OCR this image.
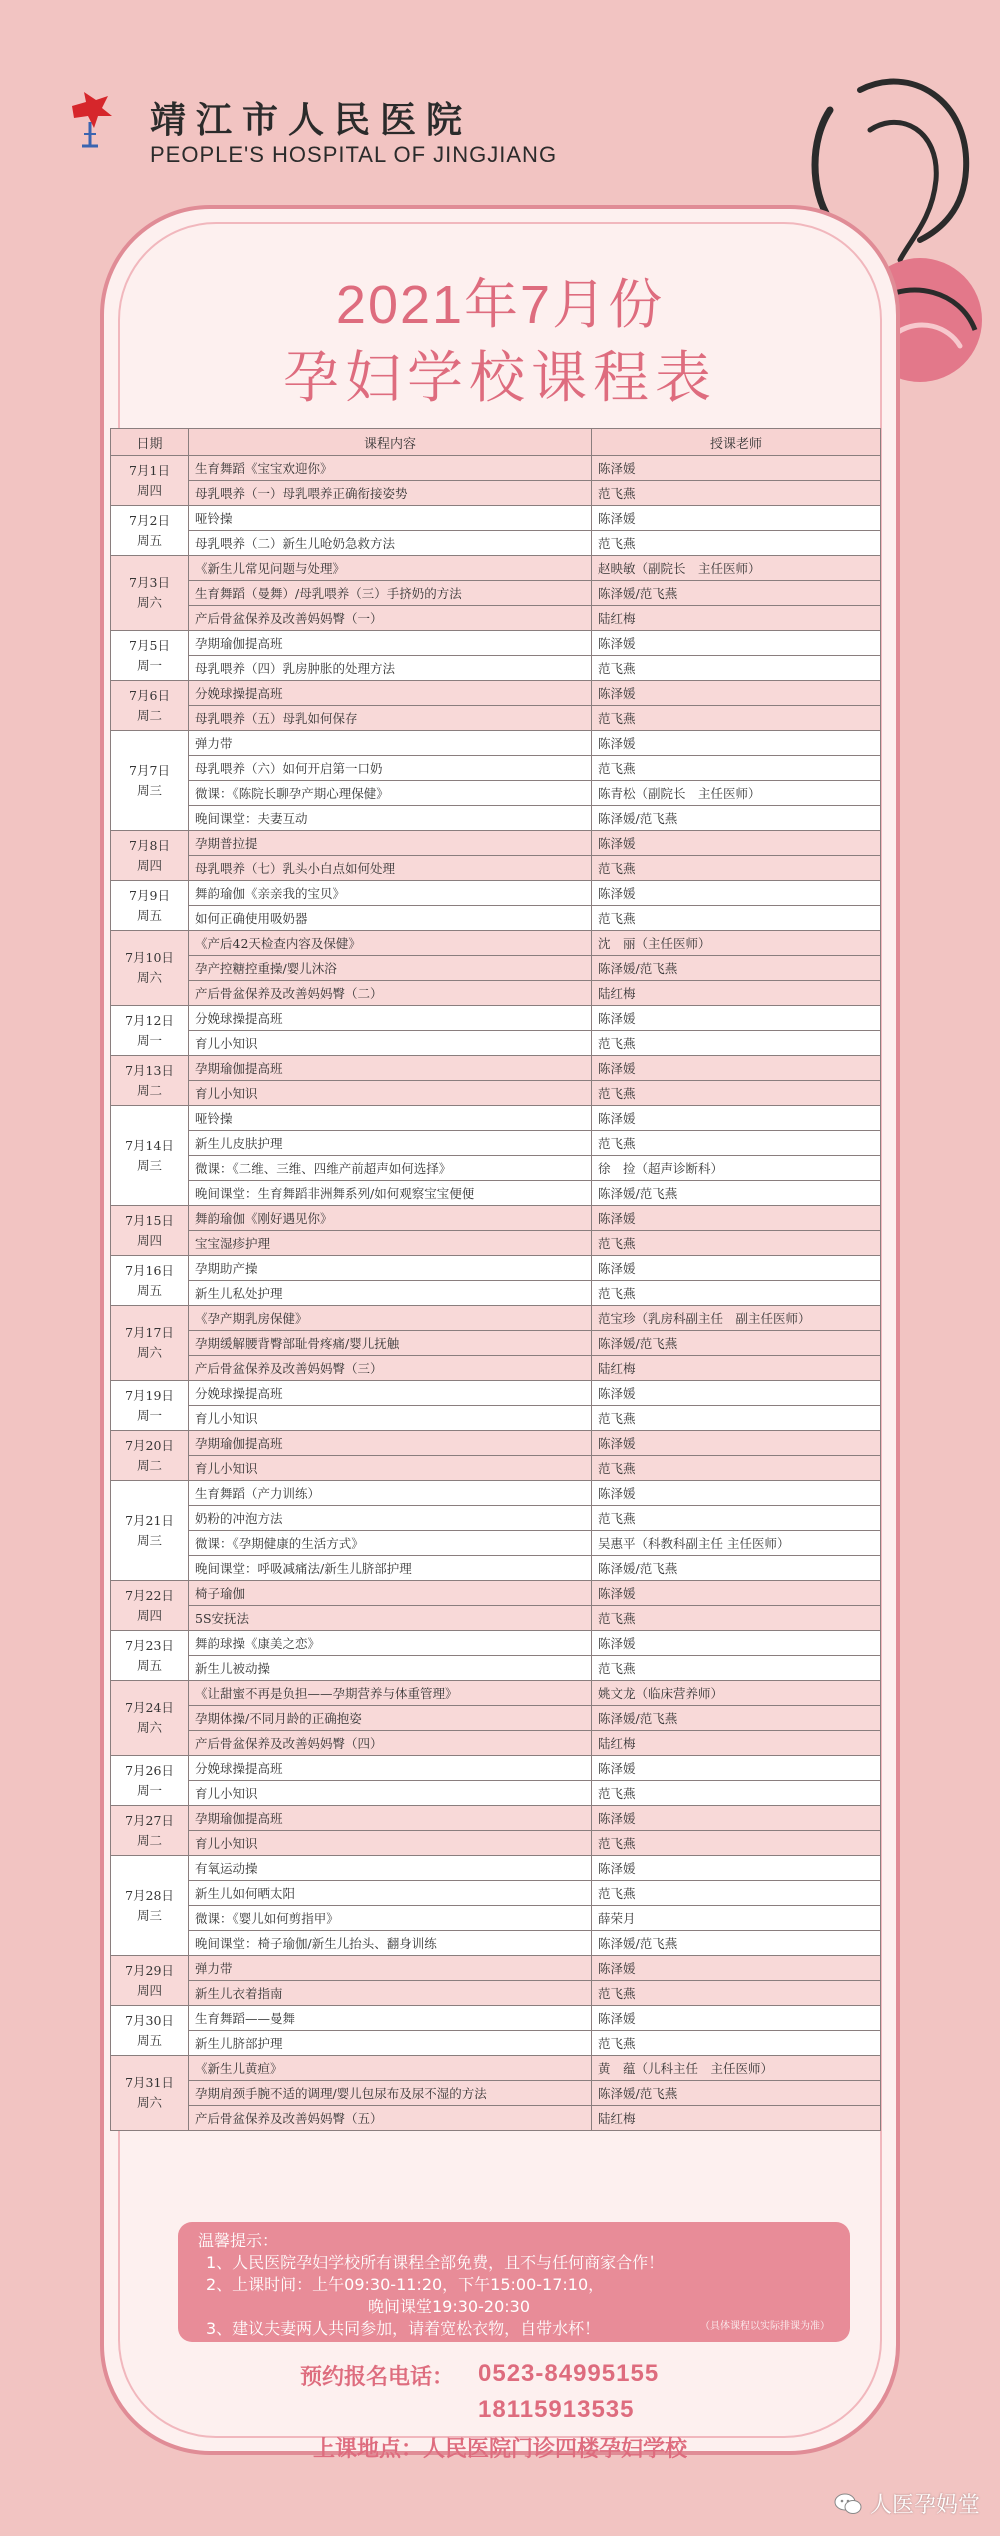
靖江市人民医院
PEOPLE'S HOSPITAL OF JINGJIANG
2021年7月份
孕妇学校课程表
日期	课程内容	授课老师

7月1日
周四	生育舞蹈《宝宝欢迎你》	陈泽媛
	母乳喂养（一）母乳喂养正确衔接姿势	范飞燕

7月2日
周五	哑铃操	陈泽媛
	母乳喂养（二）新生儿呛奶急救方法	范飞燕

7月3日
周六	《新生儿常见问题与处理》	赵映敏（副院长　主任医师）
	生育舞蹈（曼舞）/母乳喂养（三）手挤奶的方法	陈泽媛/范飞燕
	产后骨盆保养及改善妈妈臀（一）	陆红梅

7月5日
周一	孕期瑜伽提高班	陈泽媛
	母乳喂养（四）乳房肿胀的处理方法	范飞燕

7月6日
周二	分娩球操提高班	陈泽媛
	母乳喂养（五）母乳如何保存	范飞燕

7月7日
周三	弹力带	陈泽媛
	母乳喂养（六）如何开启第一口奶	范飞燕
	微课：《陈院长聊孕产期心理保健》	陈青松（副院长　主任医师）
	晚间课堂：夫妻互动	陈泽媛/范飞燕

7月8日
周四	孕期普拉提	陈泽媛
	母乳喂养（七）乳头小白点如何处理	范飞燕

7月9日
周五	舞韵瑜伽《亲亲我的宝贝》	陈泽媛
	如何正确使用吸奶器	范飞燕

7月10日
周六	《产后42天检查内容及保健》	沈　丽（主任医师）
	孕产控糖控重操/婴儿沐浴	陈泽媛/范飞燕
	产后骨盆保养及改善妈妈臀（二）	陆红梅

7月12日
周一	分娩球操提高班	陈泽媛
	育儿小知识	范飞燕

7月13日
周二	孕期瑜伽提高班	陈泽媛
	育儿小知识	范飞燕

7月14日
周三	哑铃操	陈泽媛
	新生儿皮肤护理	范飞燕
	微课：《二维、三维、四维产前超声如何选择》	徐　捡（超声诊断科）
	晚间课堂：生育舞蹈非洲舞系列/如何观察宝宝便便	陈泽媛/范飞燕

7月15日
周四	舞韵瑜伽《刚好遇见你》	陈泽媛
	宝宝湿疹护理	范飞燕

7月16日
周五	孕期助产操	陈泽媛
	新生儿私处护理	范飞燕

7月17日
周六	《孕产期乳房保健》	范宝珍（乳房科副主任　副主任医师）
	孕期缓解腰背臀部耻骨疼痛/婴儿抚触	陈泽媛/范飞燕
	产后骨盆保养及改善妈妈臀（三）	陆红梅

7月19日
周一	分娩球操提高班	陈泽媛
	育儿小知识	范飞燕

7月20日
周二	孕期瑜伽提高班	陈泽媛
	育儿小知识	范飞燕

7月21日
周三	生育舞蹈（产力训练）	陈泽媛
	奶粉的冲泡方法	范飞燕
	微课：《孕期健康的生活方式》	吴惠平（科教科副主任 主任医师）
	晚间课堂：呼吸减痛法/新生儿脐部护理	陈泽媛/范飞燕

7月22日
周四	椅子瑜伽	陈泽媛
	5S安抚法	范飞燕

7月23日
周五	舞韵球操《康美之恋》	陈泽媛
	新生儿被动操	范飞燕

7月24日
周六	《让甜蜜不再是负担——孕期营养与体重管理》	姚文龙（临床营养师）
	孕期体操/不同月龄的正确抱姿	陈泽媛/范飞燕
	产后骨盆保养及改善妈妈臀（四）	陆红梅

7月26日
周一	分娩球操提高班	陈泽媛
	育儿小知识	范飞燕

7月27日
周二	孕期瑜伽提高班	陈泽媛
	育儿小知识	范飞燕

7月28日
周三	有氧运动操	陈泽媛
	新生儿如何晒太阳	范飞燕
	微课：《婴儿如何剪指甲》	薛荣月
	晚间课堂：椅子瑜伽/新生儿抬头、翻身训练	陈泽媛/范飞燕

7月29日
周四	弹力带	陈泽媛
	新生儿衣着指南	范飞燕

7月30日
周五	生育舞蹈——曼舞	陈泽媛
	新生儿脐部护理	范飞燕

7月31日
周六	《新生儿黄疸》	黄　蕴（儿科主任　主任医师）
	孕期肩颈手腕不适的调理/婴儿包尿布及尿不湿的方法	陈泽媛/范飞燕
	产后骨盆保养及改善妈妈臀（五）	陆红梅
温馨提示：
1、人民医院孕妇学校所有课程全部免费，且不与任何商家合作！
2、上课时间：上午09:30-11:20，下午15:00-17:10，
晚间课堂19:30-20:30
3、建议夫妻两人共同参加，请着宽松衣物，自带水杯！	（具体课程以实际排课为准）
预约报名电话： 0523-84995155
18115913535
上课地点：人民医院门诊四楼孕妇学校
人医孕妈堂
